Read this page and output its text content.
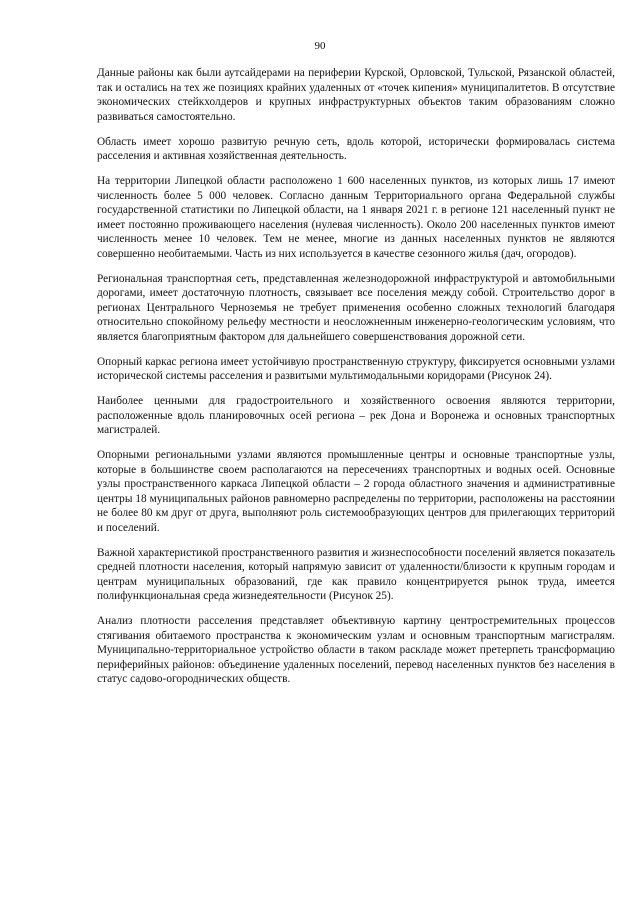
90

Данные районы как были аутсайдерами на периферии Курской, Орловской, Тульской, Рязанской областей, так и остались на тех же позициях крайних удаленных от «точек кипения» муниципалитетов. В отсутствие экономических стейкхолдеров и крупных инфраструктурных объектов таким образованиям сложно развиваться самостоятельно.

Область имеет хорошо развитую речную сеть, вдоль которой, исторически формировалась система расселения и активная хозяйственная деятельность.

На территории Липецкой области расположено 1 600 населенных пунктов, из которых лишь 17 имеют численность более 5 000 человек. Согласно данным Территориального органа Федеральной службы государственной статистики по Липецкой области, на 1 января 2021 г. в регионе 121 населенный пункт не имеет постоянно проживающего населения (нулевая численность). Около 200 населенных пунктов имеют численность менее 10 человек. Тем не менее, многие из данных населенных пунктов не являются совершенно необитаемыми. Часть из них используется в качестве сезонного жилья (дач, огородов).

Региональная транспортная сеть, представленная железнодорожной инфраструктурой и автомобильными дорогами, имеет достаточную плотность, связывает все поселения между собой. Строительство дорог в регионах Центрального Черноземья не требует применения особенно сложных технологий благодаря относительно спокойному рельефу местности и неосложненным инженерно-геологическим условиям, что является благоприятным фактором для дальнейшего совершенствования дорожной сети.

Опорный каркас региона имеет устойчивую пространственную структуру, фиксируется основными узлами исторической системы расселения и развитыми мультимодальными коридорами (Рисунок 24).

Наиболее ценными для градостроительного и хозяйственного освоения являются территории, расположенные вдоль планировочных осей региона – рек Дона и Воронежа и основных транспортных магистралей.

Опорными региональными узлами являются промышленные центры и основные транспортные узлы, которые в большинстве своем располагаются на пересечениях транспортных и водных осей. Основные узлы пространственного каркаса Липецкой области – 2 города областного значения и административные центры 18 муниципальных районов равномерно распределены по территории, расположены на расстоянии не более 80 км друг от друга, выполняют роль системообразующих центров для прилегающих территорий и поселений.

Важной характеристикой пространственного развития и жизнеспособности поселений является показатель средней плотности населения, который напрямую зависит от удаленности/близости к крупным городам и центрам муниципальных образований, где как правило концентрируется рынок труда, имеется полифункциональная среда жизнедеятельности (Рисунок 25).

Анализ плотности расселения представляет объективную картину центростремительных процессов стягивания обитаемого пространства к экономическим узлам и основным транспортным магистралям. Муниципально-территориальное устройство области в таком раскладе может претерпеть трансформацию периферийных районов: объединение удаленных поселений, перевод населенных пунктов без населения в статус садово-огороднических обществ.
